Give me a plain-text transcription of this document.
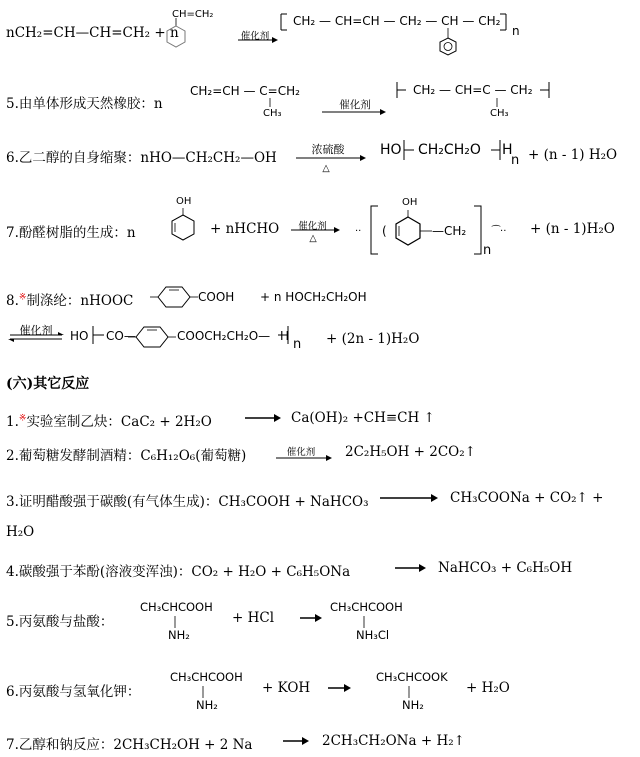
nCH₂=CH—CH=CH₂ + n
CH=CH₂
催化剂
CH₂ — CH=CH — CH₂ — CH — CH₂
n
5.由单体形成天然橡胶：n
CH₂=CH — C=CH₂
CH₃
催化剂
CH₂ — CH=C — CH₂
CH₃
6.乙二醇的自身缩聚：nHO—CH₂CH₂—OH
浓硫酸
△
HO CH₂CH₂O H
n + (n - 1) H₂O
7.酚醛树脂的生成：n
OH
··	⁀··
(
OH
+ nHCHO	催化剂
△
—CH₂
n
+ (n - 1)H₂O
8.※制涤纶：nHOOC	COOH + n HOCH₂CH₂OH
催化剂	HO CO—	COOCH₂CH₂O— H
n + (2n - 1)H₂O
(六)其它反应
1.※实验室制乙炔：CaC₂ + 2H₂O	Ca(OH)₂ +CH≡CH ↑
2.葡萄糖发酵制酒精：C₆H₁₂O₆(葡萄糖)	催化剂	2C₂H₅OH + 2CO₂↑
3.证明醋酸强于碳酸(有气体生成)：CH₃COOH + NaHCO₃	CH₃COONa + CO₂↑ +
H₂O
4.碳酸强于苯酚(溶液变浑浊)：CO₂ + H₂O + C₆H₅ONa	NaHCO₃ + C₆H₅OH
5.丙氨酸与盐酸：
CH₃CHCOOH
NH₂
+ HCl
CH₃CHCOOH
NH₃Cl
6.丙氨酸与氢氧化钾：
CH₃CHCOOH
NH₂
+ KOH
CH₃CHCOOK
NH₂
+ H₂O
7.乙醇和钠反应：2CH₃CH₂OH + 2 Na	2CH₃CH₂ONa + H₂↑
